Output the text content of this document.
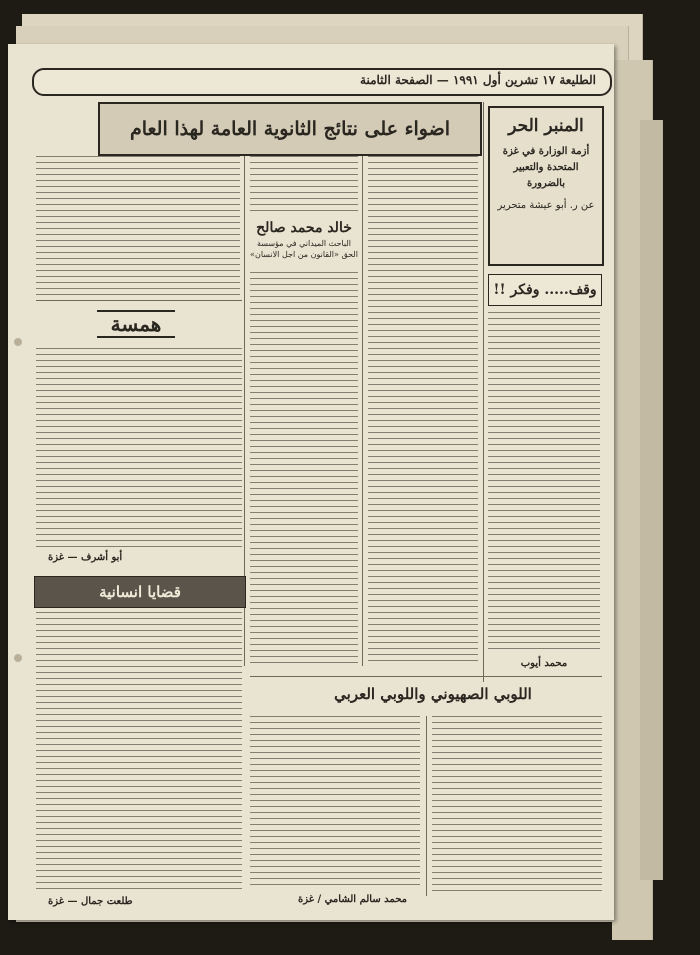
الطليعة ١٧ تشرين أول ١٩٩١ — الصفحة الثامنة
اضواء على نتائج الثانوية العامة لهذا العام	المنبر الحر
أزمة الوزارة في غزة المتحدة والتعبير بالضرورة
عن ر. أبو عيشة متحرير
وقف..... وفكر !!
خالد محمد صالح
الباحث الميداني في مؤسسة الحق «القانون من اجل الانسان»
محمد أيوب
همسة
أبو أشرف — غزة
قضايا انسانية
طلعت جمال — غزة
اللوبي الصهيوني واللوبي العربي
محمد سالم الشامي / غزة
